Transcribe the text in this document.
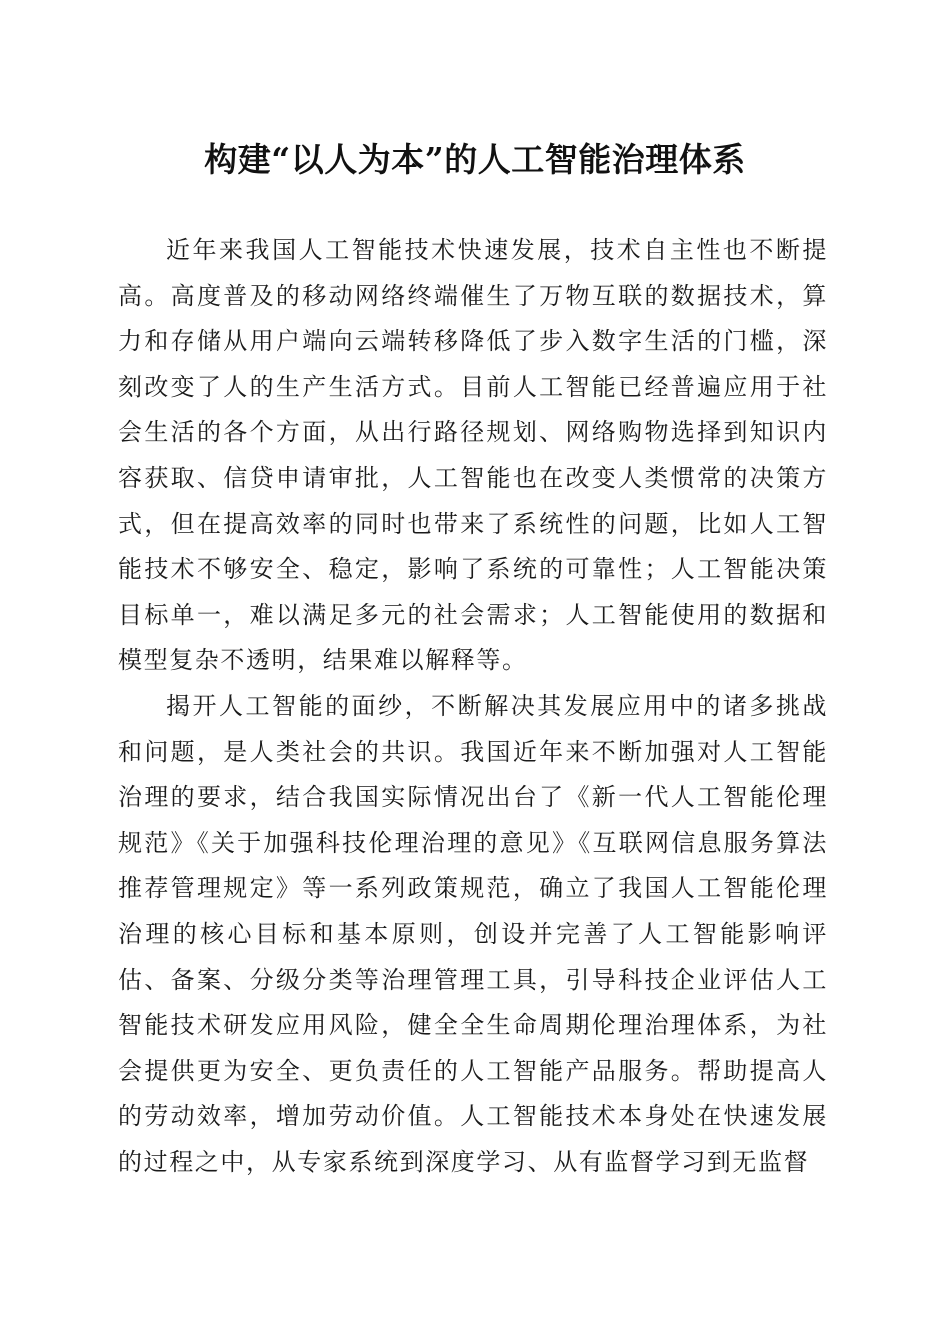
构建“以人为本”的人工智能治理体系

近年来我国人工智能技术快速发展，技术自主性也不断提高。高度普及的移动网络终端催生了万物互联的数据技术，算力和存储从用户端向云端转移降低了步入数字生活的门槛，深刻改变了人的生产生活方式。目前人工智能已经普遍应用于社会生活的各个方面，从出行路径规划、网络购物选择到知识内容获取、信贷申请审批，人工智能也在改变人类惯常的决策方式，但在提高效率的同时也带来了系统性的问题，比如人工智能技术不够安全、稳定，影响了系统的可靠性；人工智能决策目标单一，难以满足多元的社会需求；人工智能使用的数据和模型复杂不透明，结果难以解释等。

揭开人工智能的面纱，不断解决其发展应用中的诸多挑战和问题，是人类社会的共识。我国近年来不断加强对人工智能治理的要求，结合我国实际情况出台了《新一代人工智能伦理规范》《关于加强科技伦理治理的意见》《互联网信息服务算法推荐管理规定》等一系列政策规范，确立了我国人工智能伦理治理的核心目标和基本原则，创设并完善了人工智能影响评估、备案、分级分类等治理管理工具，引导科技企业评估人工智能技术研发应用风险，健全全生命周期伦理治理体系，为社会提供更为安全、更负责任的人工智能产品服务。帮助提高人的劳动效率，增加劳动价值。人工智能技术本身处在快速发展的过程之中，从专家系统到深度学习、从有监督学习到无监督
